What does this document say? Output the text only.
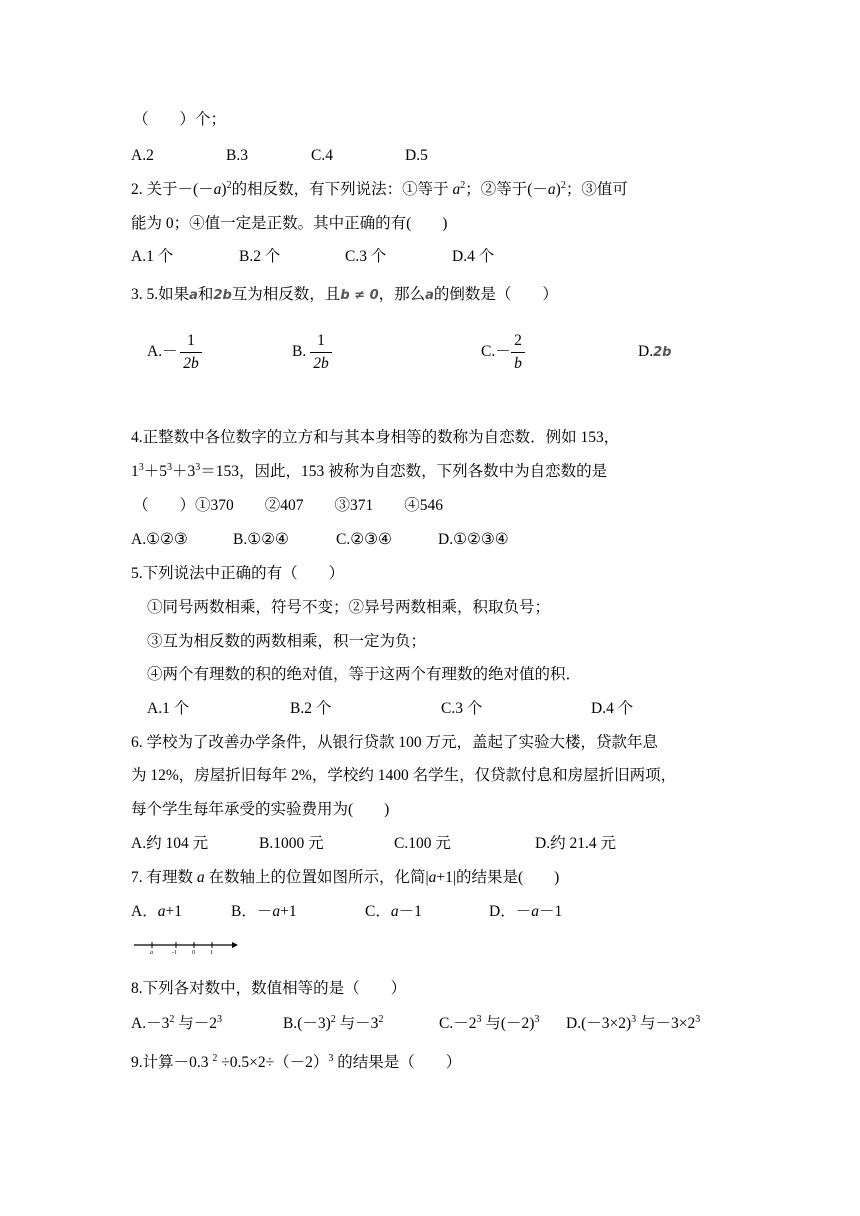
（　　）个；
A.2	B.3	C.4	D.5
2. 关于$-(-a)^2$的相反数，有下列说法：①等于 $a^2$；②等于$(-a)^2$；③值可
能为 0；④值一定是正数。其中正确的有(　　)
A.1 个	B.2 个	C.3 个	D.4 个
3. 5.如果a和2b互为相反数，且b ≠ 0，那么a的倒数是（　　）
A.－
1
2b
B.
1
2b
C.－
2
b
D.2b
4.正整数中各位数字的立方和与其本身相等的数称为自恋数．例如 153，
$1^3+5^3+3^3=153$，因此，153 被称为自恋数，下列各数中为自恋数的是
（　　）①370　　②407　　③371　　④546
A.①②③	B.①②④	C.②③④	D.①②③④
5.下列说法中正确的有（　　）
①同号两数相乘，符号不变；②异号两数相乘，积取负号；
③互为相反数的两数相乘，积一定为负；
④两个有理数的积的绝对值，等于这两个有理数的绝对值的积．
A.1 个	B.2 个	C.3 个	D.4 个
6. 学校为了改善办学条件，从银行贷款 100 万元，盖起了实验大楼，贷款年息
为 12%，房屋折旧每年 2%，学校约 1400 名学生，仅贷款付息和房屋折旧两项，
每个学生每年承受的实验费用为(　　)
A.约 104 元	B.1000 元	C.100 元	D.约 21.4 元
7. 有理数 a 在数轴上的位置如图所示，化简|a+1|的结果是(　　)
A．a+1	B．－a+1	C．a－1	D．－a－1
a	-1	0	1
8.下列各对数中，数值相等的是（　　）
$A.-3^2$ 与$-2^3$	$B.(-3)^2$ 与$-3^2$	$C.-2^3$ 与$(-2)^3$ $D.(-3\times 2)^3$ 与$-3\times 2^3$
9.计算－0.3 $^2 \div 0.5\times 2\div(-2)^3$ 的结果是（　　）
